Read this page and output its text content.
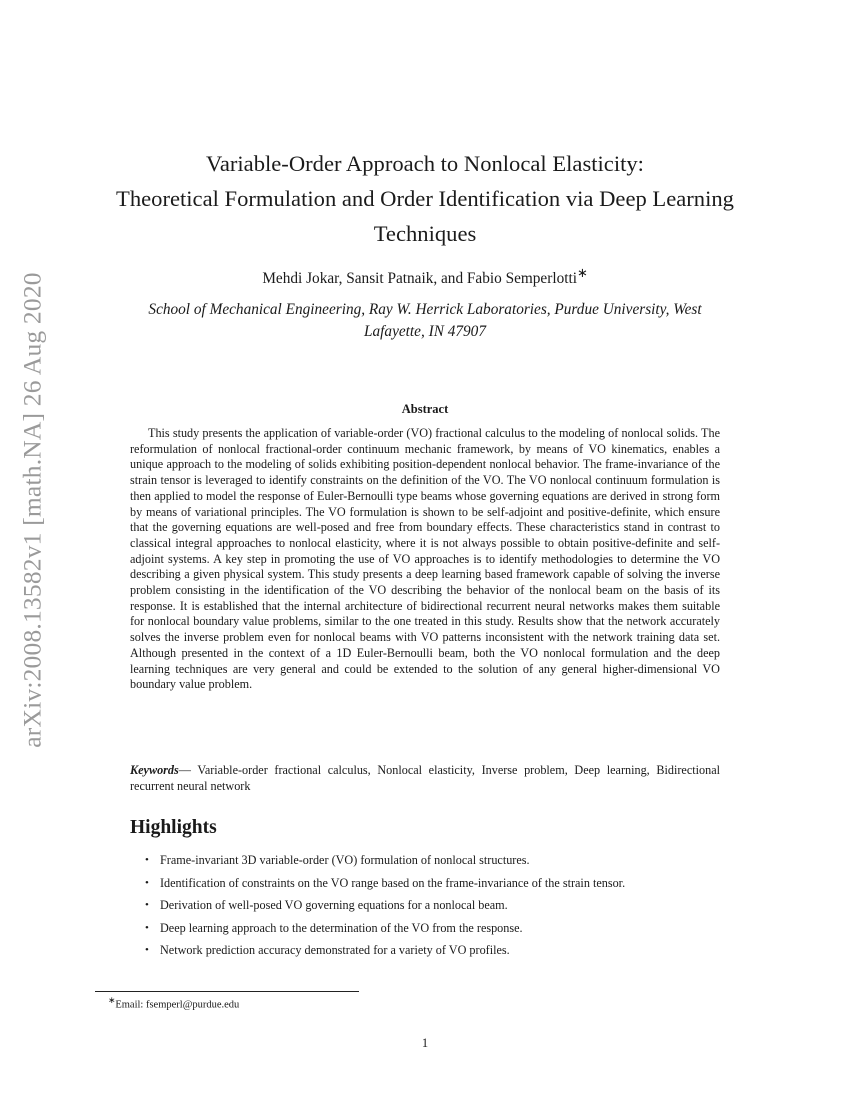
arXiv:2008.13582v1 [math.NA] 26 Aug 2020
Variable-Order Approach to Nonlocal Elasticity:
Theoretical Formulation and Order Identification via Deep Learning
Techniques
Mehdi Jokar, Sansit Patnaik, and Fabio Semperlotti∗
School of Mechanical Engineering, Ray W. Herrick Laboratories, Purdue University, West
Lafayette, IN 47907
Abstract
This study presents the application of variable-order (VO) fractional calculus to the modeling of nonlocal solids. The reformulation of nonlocal fractional-order continuum mechanic framework, by means of VO kinematics, enables a unique approach to the modeling of solids exhibiting position-dependent nonlocal behavior. The frame-invariance of the strain tensor is leveraged to identify constraints on the definition of the VO. The VO nonlocal continuum formulation is then applied to model the response of Euler-Bernoulli type beams whose governing equations are derived in strong form by means of variational principles. The VO formulation is shown to be self-adjoint and positive-definite, which ensure that the governing equations are well-posed and free from boundary effects. These characteristics stand in contrast to classical integral approaches to nonlocal elasticity, where it is not always possible to obtain positive-definite and self-adjoint systems. A key step in promoting the use of VO approaches is to identify methodologies to determine the VO describing a given physical system. This study presents a deep learning based framework capable of solving the inverse problem consisting in the identification of the VO describing the behavior of the nonlocal beam on the basis of its response. It is established that the internal architecture of bidirectional recurrent neural networks makes them suitable for nonlocal boundary value problems, similar to the one treated in this study. Results show that the network accurately solves the inverse problem even for nonlocal beams with VO patterns inconsistent with the network training data set. Although presented in the context of a 1D Euler-Bernoulli beam, both the VO nonlocal formulation and the deep learning techniques are very general and could be extended to the solution of any general higher-dimensional VO boundary value problem.
Keywords— Variable-order fractional calculus, Nonlocal elasticity, Inverse problem, Deep learning, Bidirectional recurrent neural network
Highlights
• Frame-invariant 3D variable-order (VO) formulation of nonlocal structures.
• Identification of constraints on the VO range based on the frame-invariance of the strain tensor.
• Derivation of well-posed VO governing equations for a nonlocal beam.
• Deep learning approach to the determination of the VO from the response.
• Network prediction accuracy demonstrated for a variety of VO profiles.
∗Email: fsemperl@purdue.edu
1
